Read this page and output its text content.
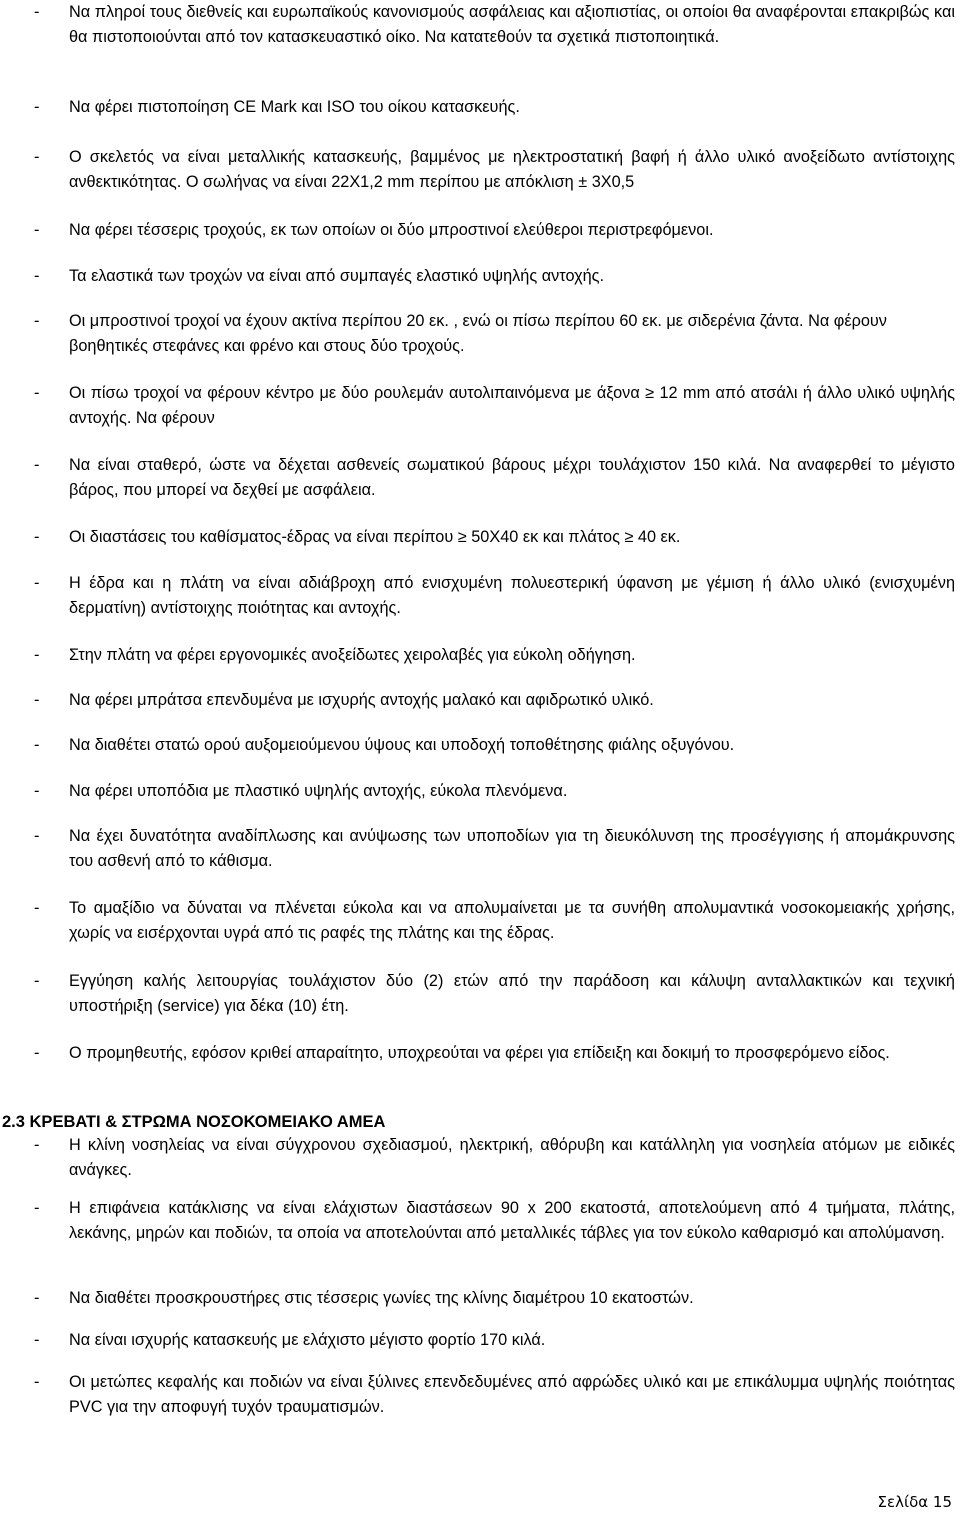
-	Να πληροί τους διεθνείς και ευρωπαϊκούς κανονισμούς ασφάλειας και αξιοπιστίας, οι οποίοι θα αναφέρονται επακριβώς και θα πιστοποιούνται από τον κατασκευαστικό οίκο. Να κατατεθούν τα σχετικά πιστοποιητικά.
-	Να φέρει πιστοποίηση CE Mark και ISO του οίκου κατασκευής.
-	Ο σκελετός να είναι μεταλλικής κατασκευής, βαμμένος με ηλεκτροστατική βαφή ή άλλο υλικό ανοξείδωτο αντίστοιχης ανθεκτικότητας. Ο σωλήνας να είναι 22Χ1,2 mm περίπου με απόκλιση ± 3Χ0,5
-	Να φέρει τέσσερις τροχούς, εκ των οποίων οι δύο μπροστινοί ελεύθεροι περιστρεφόμενοι.
-	Τα ελαστικά των τροχών να είναι από συμπαγές ελαστικό υψηλής αντοχής.
-	Οι μπροστινοί τροχοί να έχουν ακτίνα περίπου 20 εκ. , ενώ οι πίσω περίπου 60 εκ. με σιδερένια ζάντα. Να φέρουν βοηθητικές στεφάνες και φρένο και στους δύο τροχούς.
-	Οι πίσω τροχοί να φέρουν κέντρο με δύο ρουλεμάν αυτολιπαινόμενα με άξονα ≥ 12 mm από ατσάλι ή άλλο υλικό υψηλής αντοχής. Να φέρουν
-	Να είναι σταθερό, ώστε να δέχεται ασθενείς σωματικού βάρους μέχρι τουλάχιστον 150 κιλά. Να αναφερθεί το μέγιστο βάρος, που μπορεί να δεχθεί με ασφάλεια.
-	Οι διαστάσεις του καθίσματος-έδρας να είναι περίπου ≥ 50Χ40 εκ και πλάτος ≥ 40 εκ.
-	Η έδρα και η πλάτη να είναι αδιάβροχη από ενισχυμένη πολυεστερική ύφανση με γέμιση ή άλλο υλικό (ενισχυμένη δερματίνη) αντίστοιχης ποιότητας και αντοχής.
-	Στην πλάτη να φέρει εργονομικές ανοξείδωτες χειρολαβές για εύκολη οδήγηση.
-	Να φέρει μπράτσα επενδυμένα με ισχυρής αντοχής μαλακό και αφιδρωτικό υλικό.
-	Να διαθέτει στατώ ορού αυξομειούμενου ύψους και υποδοχή τοποθέτησης φιάλης οξυγόνου.
-	Να φέρει υποπόδια με πλαστικό υψηλής αντοχής, εύκολα πλενόμενα.
-	Να έχει δυνατότητα αναδίπλωσης και ανύψωσης των υποποδίων για τη διευκόλυνση της προσέγγισης ή απομάκρυνσης του ασθενή από το κάθισμα.
-	Το αμαξίδιο να δύναται να πλένεται εύκολα και να απολυμαίνεται με τα συνήθη απολυμαντικά νοσοκομειακής χρήσης, χωρίς να εισέρχονται υγρά από τις ραφές της πλάτης και της έδρας.
-	Εγγύηση καλής λειτουργίας τουλάχιστον δύο (2) ετών από την παράδοση και κάλυψη ανταλλακτικών και τεχνική υποστήριξη (service) για δέκα (10) έτη.
-	Ο προμηθευτής, εφόσον κριθεί απαραίτητο, υποχρεούται να φέρει για επίδειξη και δοκιμή το προσφερόμενο είδος.
2.3 ΚΡΕΒΑΤΙ & ΣΤΡΩΜΑ ΝΟΣΟΚΟΜΕΙΑΚΟ ΑΜΕΑ
-	Η κλίνη νοσηλείας να είναι σύγχρονου σχεδιασμού, ηλεκτρική, αθόρυβη και κατάλληλη για νοσηλεία ατόμων με ειδικές ανάγκες.
-	Η επιφάνεια κατάκλισης να είναι ελάχιστων διαστάσεων 90 x 200 εκατοστά, αποτελούμενη από 4 τμήματα, πλάτης, λεκάνης, μηρών και ποδιών, τα οποία να αποτελούνται από μεταλλικές τάβλες για τον εύκολο καθαρισμό και απολύμανση.
-	Να διαθέτει προσκρουστήρες στις τέσσερις γωνίες της κλίνης διαμέτρου 10 εκατοστών.
-	Να είναι ισχυρής κατασκευής με ελάχιστο μέγιστο φορτίο 170 κιλά.
-	Οι μετώπες κεφαλής και ποδιών να είναι ξύλινες επενδεδυμένες από αφρώδες υλικό και με επικάλυμμα υψηλής ποιότητας PVC για την αποφυγή τυχόν τραυματισμών.
Σελίδα 15
